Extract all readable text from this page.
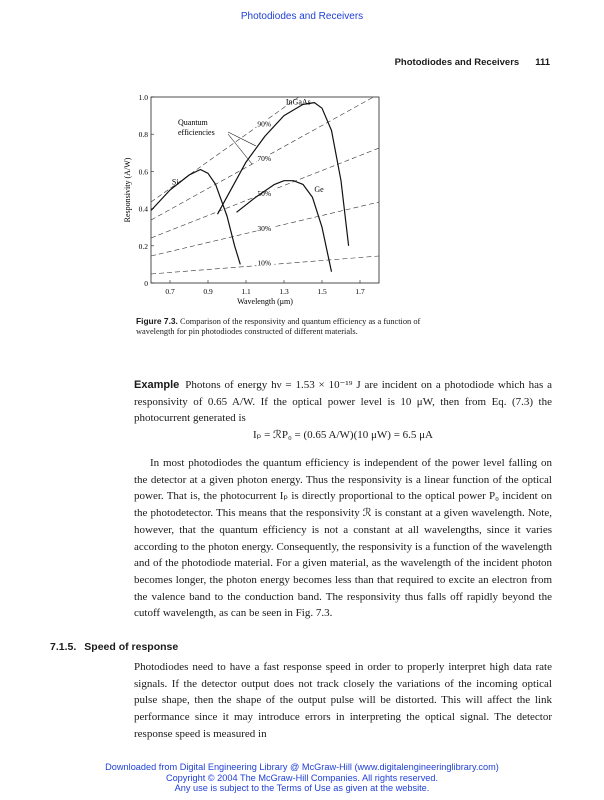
Photodiodes and Receivers
Photodiodes and Receivers 111
10%
30%
50%
70%
90%
Si
InGaAs
Ge
0.7	0.9	1.1	1.3	1.5	1.7
0
0.2
0.4
0.6
0.8
1.0
Quantum
efficiencies
Wavelength (μm)
Responsivity (A/W)
Figure 7.3. Comparison of the responsivity and quantum efficiency as a function of wavelength for pin photodiodes constructed of different materials.
Example Photons of energy hν = 1.53 × 10⁻¹⁹ J are incident on a photodiode which has a responsivity of 0.65 A/W. If the optical power level is 10 μW, then from Eq. (7.3) the photocurrent generated is
Iₚ = ℛP₀ = (0.65 A/W)(10 μW) = 6.5 μA

In most photodiodes the quantum efficiency is independent of the power level falling on the detector at a given photon energy. Thus the responsivity is a linear function of the optical power. That is, the photocurrent Iₚ is directly proportional to the optical power P₀ incident on the photodetector. This means that the responsivity ℛ is constant at a given wavelength. Note, however, that the quantum efficiency is not a constant at all wavelengths, since it varies according to the photon energy. Consequently, the responsivity is a function of the wavelength and of the photodiode material. For a given material, as the wavelength of the incident photon becomes longer, the photon energy becomes less than that required to excite an electron from the valence band to the conduction band. The responsivity thus falls off rapidly beyond the cutoff wavelength, as can be seen in Fig. 7.3.

7.1.5. Speed of response
Photodiodes need to have a fast response speed in order to properly interpret high data rate signals. If the detector output does not track closely the variations of the incoming optical pulse shape, then the shape of the output pulse will be distorted. This will affect the link performance since it may introduce errors in interpreting the optical signal. The detector response speed is measured in
Downloaded from Digital Engineering Library @ McGraw-Hill (www.digitalengineeringlibrary.com)
Copyright © 2004 The McGraw-Hill Companies. All rights reserved.
Any use is subject to the Terms of Use as given at the website.
